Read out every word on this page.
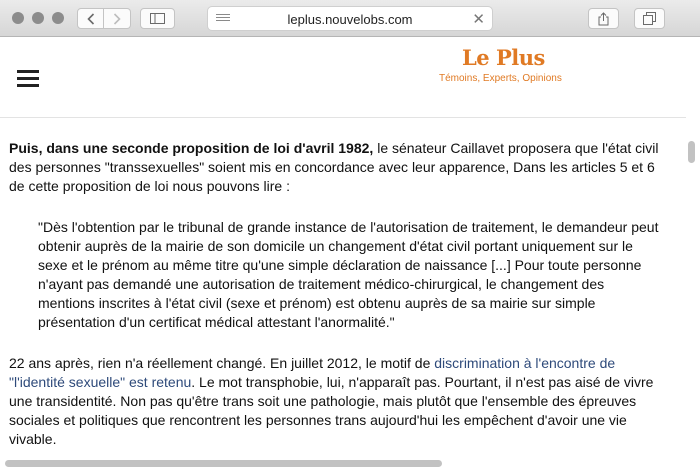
leplus.nouvelobs.com	✕
Le Plus
Témoins, Experts, Opinions

Puis, dans une seconde proposition de loi d'avril 1982, le sénateur Caillavet proposera que l'état civil des personnes "transsexuelles" soient mis en concordance avec leur apparence, Dans les articles 5 et 6 de cette proposition de loi nous pouvons lire :

"Dès l'obtention par le tribunal de grande instance de l'autorisation de traitement, le demandeur peut obtenir auprès de la mairie de son domicile un changement d'état civil portant uniquement sur le sexe et le prénom au même titre qu'une simple déclaration de naissance [...] Pour toute personne n'ayant pas demandé une autorisation de traitement médico-chirurgical, le changement des mentions inscrites à l'état civil (sexe et prénom) est obtenu auprès de sa mairie sur simple présentation d'un certificat médical attestant l'anormalité."

22 ans après, rien n'a réellement changé. En juillet 2012, le motif de discrimination à l'encontre de "l'identité sexuelle" est retenu. Le mot transphobie, lui, n'apparaît pas. Pourtant, il n'est pas aisé de vivre une transidentité. Non pas qu'être trans soit une pathologie, mais plutôt que l'ensemble des épreuves sociales et politiques que rencontrent les personnes trans aujourd'hui les empêchent d'avoir une vie vivable.
